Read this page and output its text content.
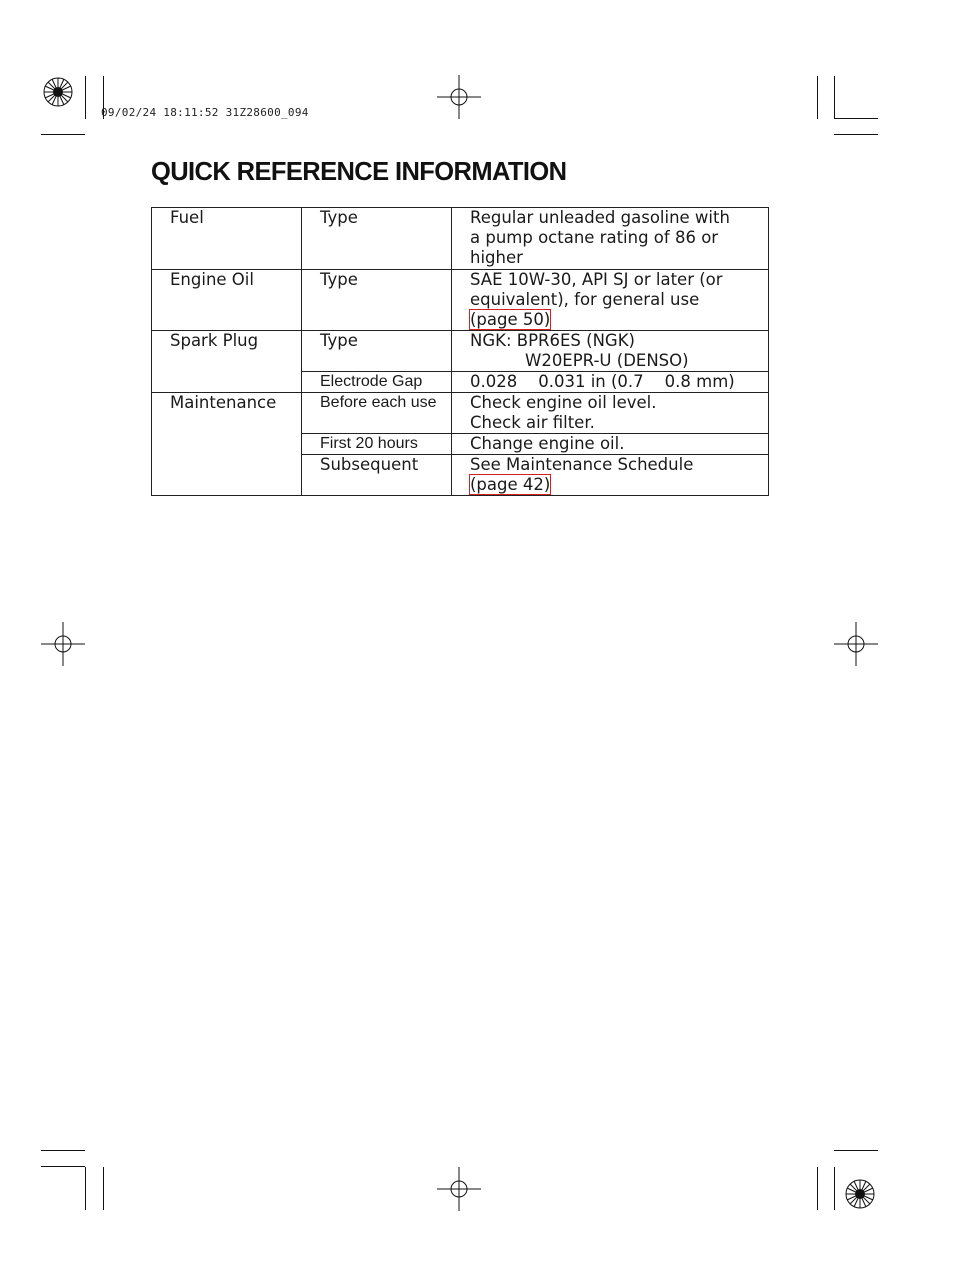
09/02/24 18:11:52 31Z28600_094
QUICK REFERENCE INFORMATION
Fuel	Type	Regular unleaded gasoline with
a pump octane rating of 86 or
higher

Engine Oil	Type	SAE 10W-30, API SJ or later (or
equivalent), for general use
(page 50)

Spark Plug	Type	NGK: BPR6ES (NGK)
W20EPR-U (DENSO)

	Electrode Gap	0.028    0.031 in (0.7    0.8 mm)
Maintenance	Before each use	Check engine oil level.
Check air filter.

	First 20 hours	Change engine oil.
	Subsequent	See Maintenance Schedule
(page 42)
